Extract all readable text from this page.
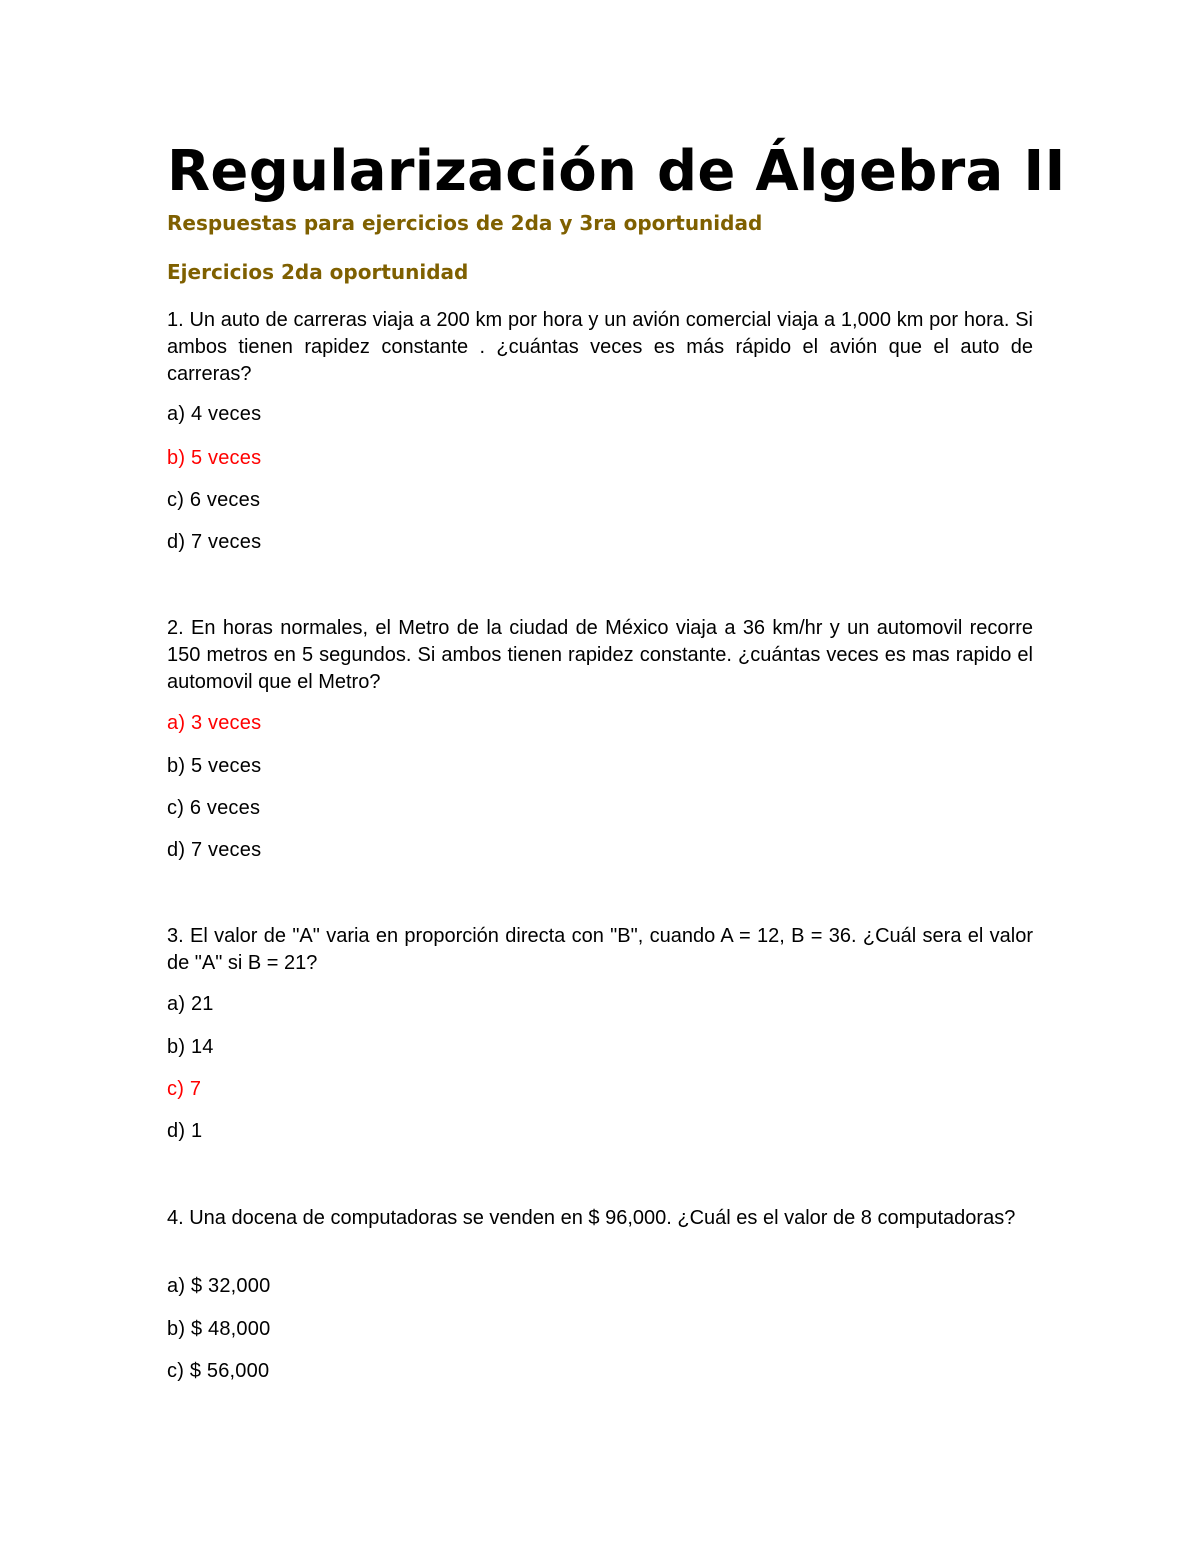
Regularización de Álgebra II
Respuestas para ejercicios de 2da y 3ra oportunidad
Ejercicios 2da oportunidad

1. Un auto de carreras viaja a 200 km por hora y un avión comercial viaja a 1,000 km por hora. Si ambos tienen rapidez constante . ¿cuántas veces es más rápido el avión que el auto de carreras?

a) 4 veces

b) 5 veces

c) 6 veces

d) 7 veces

2. En horas normales, el Metro de la ciudad de México viaja a 36 km/hr y un automovil recorre 150 metros en 5 segundos. Si ambos tienen rapidez constante. ¿cuántas veces es mas rapido el automovil que el Metro?

a) 3 veces

b) 5 veces

c) 6 veces

d) 7 veces

3. El valor de "A" varia en proporción directa con "B", cuando A = 12, B = 36. ¿Cuál sera el valor de "A" si B = 21?

a) 21

b) 14

c) 7

d) 1

4. Una docena de computadoras se venden en $ 96,000. ¿Cuál es el valor de 8 computadoras?

a) $ 32,000

b) $ 48,000

c) $ 56,000
